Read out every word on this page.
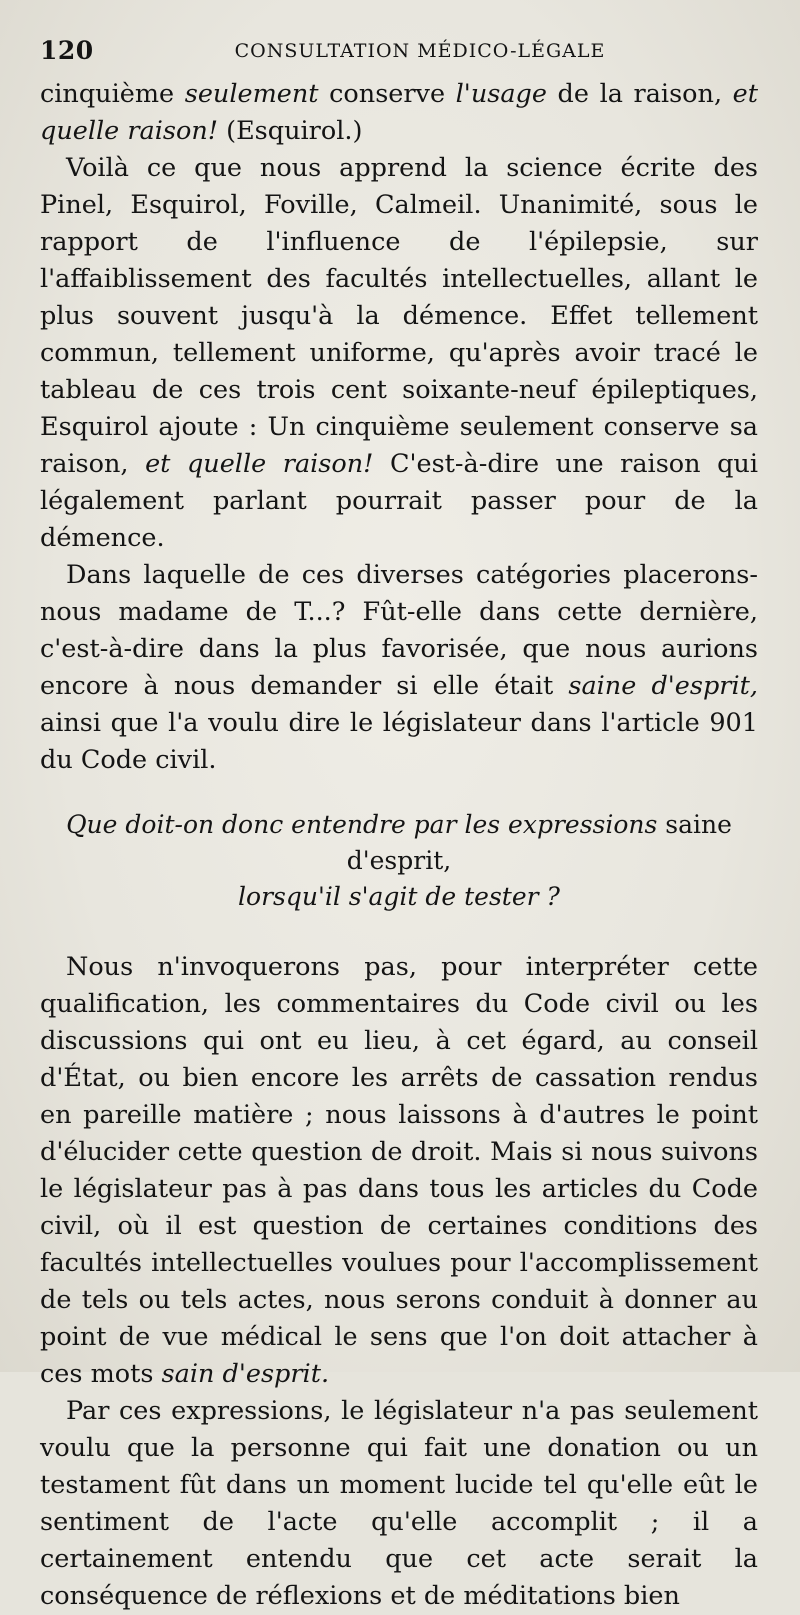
120	CONSULTATION MÉDICO-LÉGALE

cinquième seulement conserve l'usage de la raison, et quelle raison! (Esquirol.)

Voilà ce que nous apprend la science écrite des Pinel, Esquirol, Foville, Calmeil. Unanimité, sous le rapport de l'influence de l'épilepsie, sur l'affaiblissement des facultés intellectuelles, allant le plus souvent jusqu'à la démence. Effet tellement commun, tellement uniforme, qu'après avoir tracé le tableau de ces trois cent soixante-neuf épileptiques, Esquirol ajoute : Un cinquième seulement conserve sa raison, et quelle raison! C'est-à-dire une raison qui légalement parlant pourrait passer pour de la démence.

Dans laquelle de ces diverses catégories placerons-nous madame de T...? Fût-elle dans cette dernière, c'est-à-dire dans la plus favorisée, que nous aurions encore à nous demander si elle était saine d'esprit, ainsi que l'a voulu dire le législateur dans l'article 901 du Code civil.

Que doit-on donc entendre par les expressions saine d'esprit,
lorsqu'il s'agit de tester ?

Nous n'invoquerons pas, pour interpréter cette qualification, les commentaires du Code civil ou les discussions qui ont eu lieu, à cet égard, au conseil d'État, ou bien encore les arrêts de cassation rendus en pareille matière ; nous laissons à d'autres le point d'élucider cette question de droit. Mais si nous suivons le législateur pas à pas dans tous les articles du Code civil, où il est question de certaines conditions des facultés intellectuelles voulues pour l'accomplissement de tels ou tels actes, nous serons conduit à donner au point de vue médical le sens que l'on doit attacher à ces mots sain d'esprit.

Par ces expressions, le législateur n'a pas seulement voulu que la personne qui fait une donation ou un testament fût dans un moment lucide tel qu'elle eût le sentiment de l'acte qu'elle accomplit ; il a certainement entendu que cet acte serait la conséquence de réflexions et de méditations bien
